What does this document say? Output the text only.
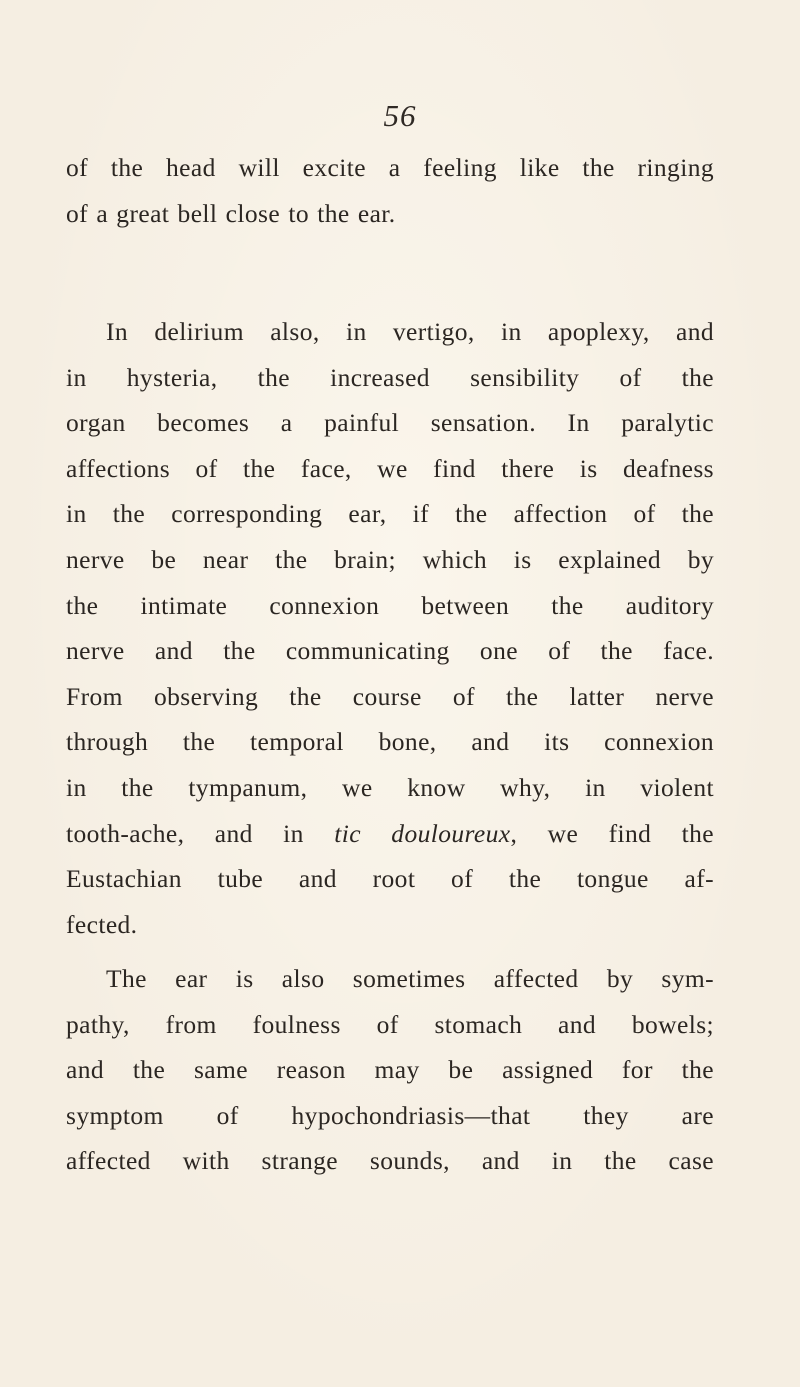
56
of the head will excite a feeling like the ringing
of a great bell close to the ear.
In delirium also, in vertigo, in apoplexy, and
in hysteria, the increased sensibility of the
organ becomes a painful sensation. In paralytic
affections of the face, we find there is deafness
in the corresponding ear, if the affection of the
nerve be near the brain; which is explained by
the intimate connexion between the auditory
nerve and the communicating one of the face.
From observing the course of the latter nerve
through the temporal bone, and its connexion
in the tympanum, we know why, in violent
tooth-ache, and in tic douloureux, we find the
Eustachian tube and root of the tongue af-
fected.
The ear is also sometimes affected by sym-
pathy, from foulness of stomach and bowels;
and the same reason may be assigned for the
symptom of hypochondriasis—that they are
affected with strange sounds, and in the case
